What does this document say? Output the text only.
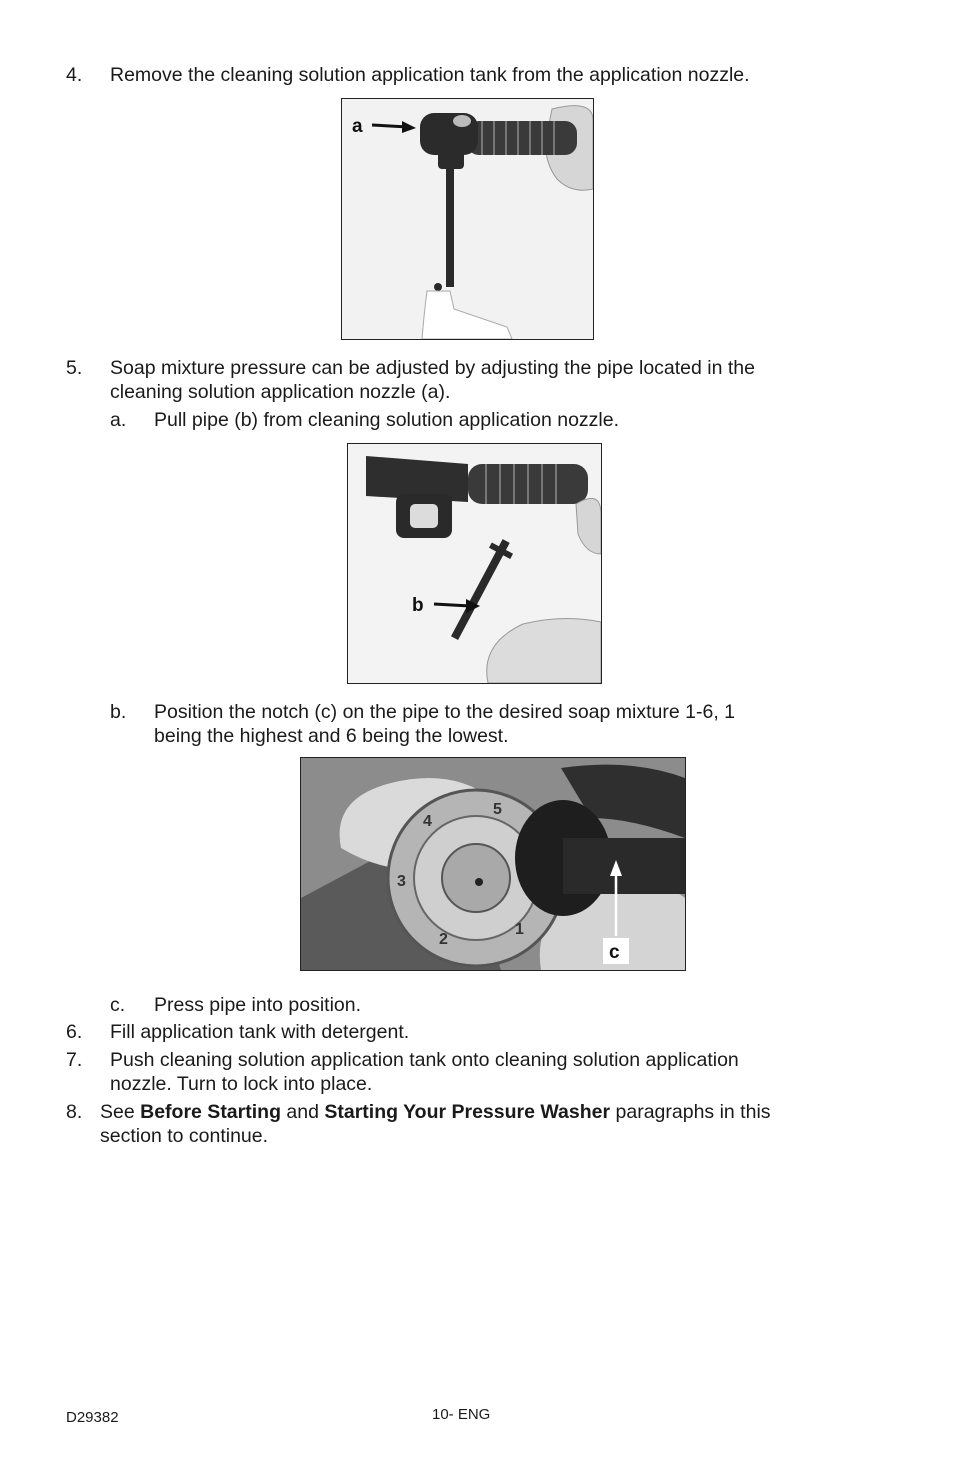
4. Remove the cleaning solution application tank from the application nozzle.
a
5. Soap mixture pressure can be adjusted by adjusting the pipe located in the
cleaning solution application nozzle (a).
a. Pull pipe (b) from cleaning solution application nozzle.
b
b. Position the notch (c) on the pipe to the desired soap mixture 1-6, 1
being the highest and 6 being the lowest.
1
2
3
4
5
c
c. Press pipe into position.
6. Fill application tank with detergent.
7. Push cleaning solution application tank onto cleaning solution application
nozzle. Turn to lock into place.
8. See Before Starting and Starting Your Pressure Washer paragraphs in this
section to continue.
D29382	10- ENG
